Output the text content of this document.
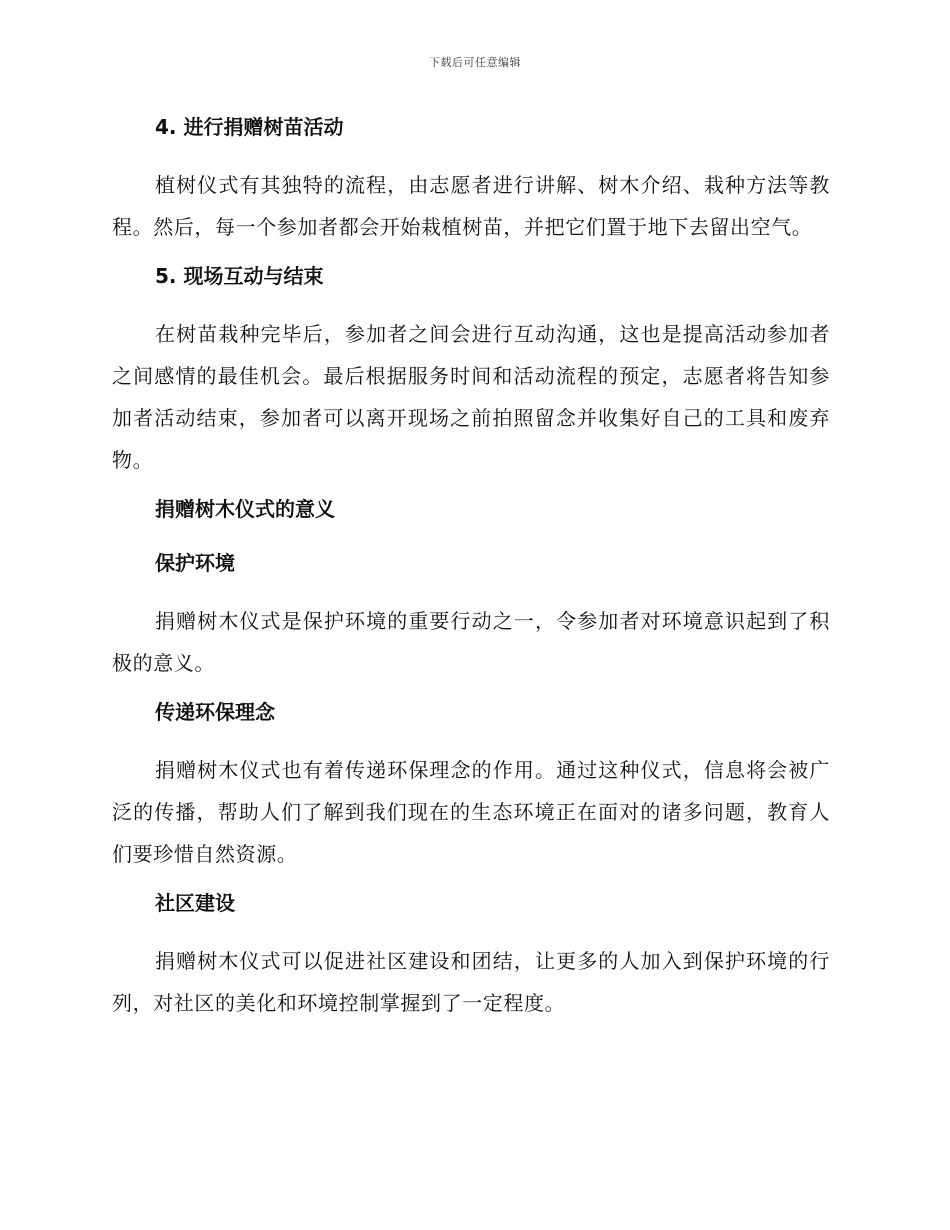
下载后可任意编辑
4. 进行捐赠树苗活动

植树仪式有其独特的流程，由志愿者进行讲解、树木介绍、栽种方法等教程。然后，每一个参加者都会开始栽植树苗，并把它们置于地下去留出空气。

5. 现场互动与结束

在树苗栽种完毕后，参加者之间会进行互动沟通，这也是提高活动参加者之间感情的最佳机会。最后根据服务时间和活动流程的预定，志愿者将告知参加者活动结束，参加者可以离开现场之前拍照留念并收集好自己的工具和废弃物。

捐赠树木仪式的意义
保护环境

捐赠树木仪式是保护环境的重要行动之一，令参加者对环境意识起到了积极的意义。

传递环保理念

捐赠树木仪式也有着传递环保理念的作用。通过这种仪式，信息将会被广泛的传播，帮助人们了解到我们现在的生态环境正在面对的诸多问题，教育人们要珍惜自然资源。

社区建设

捐赠树木仪式可以促进社区建设和团结，让更多的人加入到保护环境的行列，对社区的美化和环境控制掌握到了一定程度。
